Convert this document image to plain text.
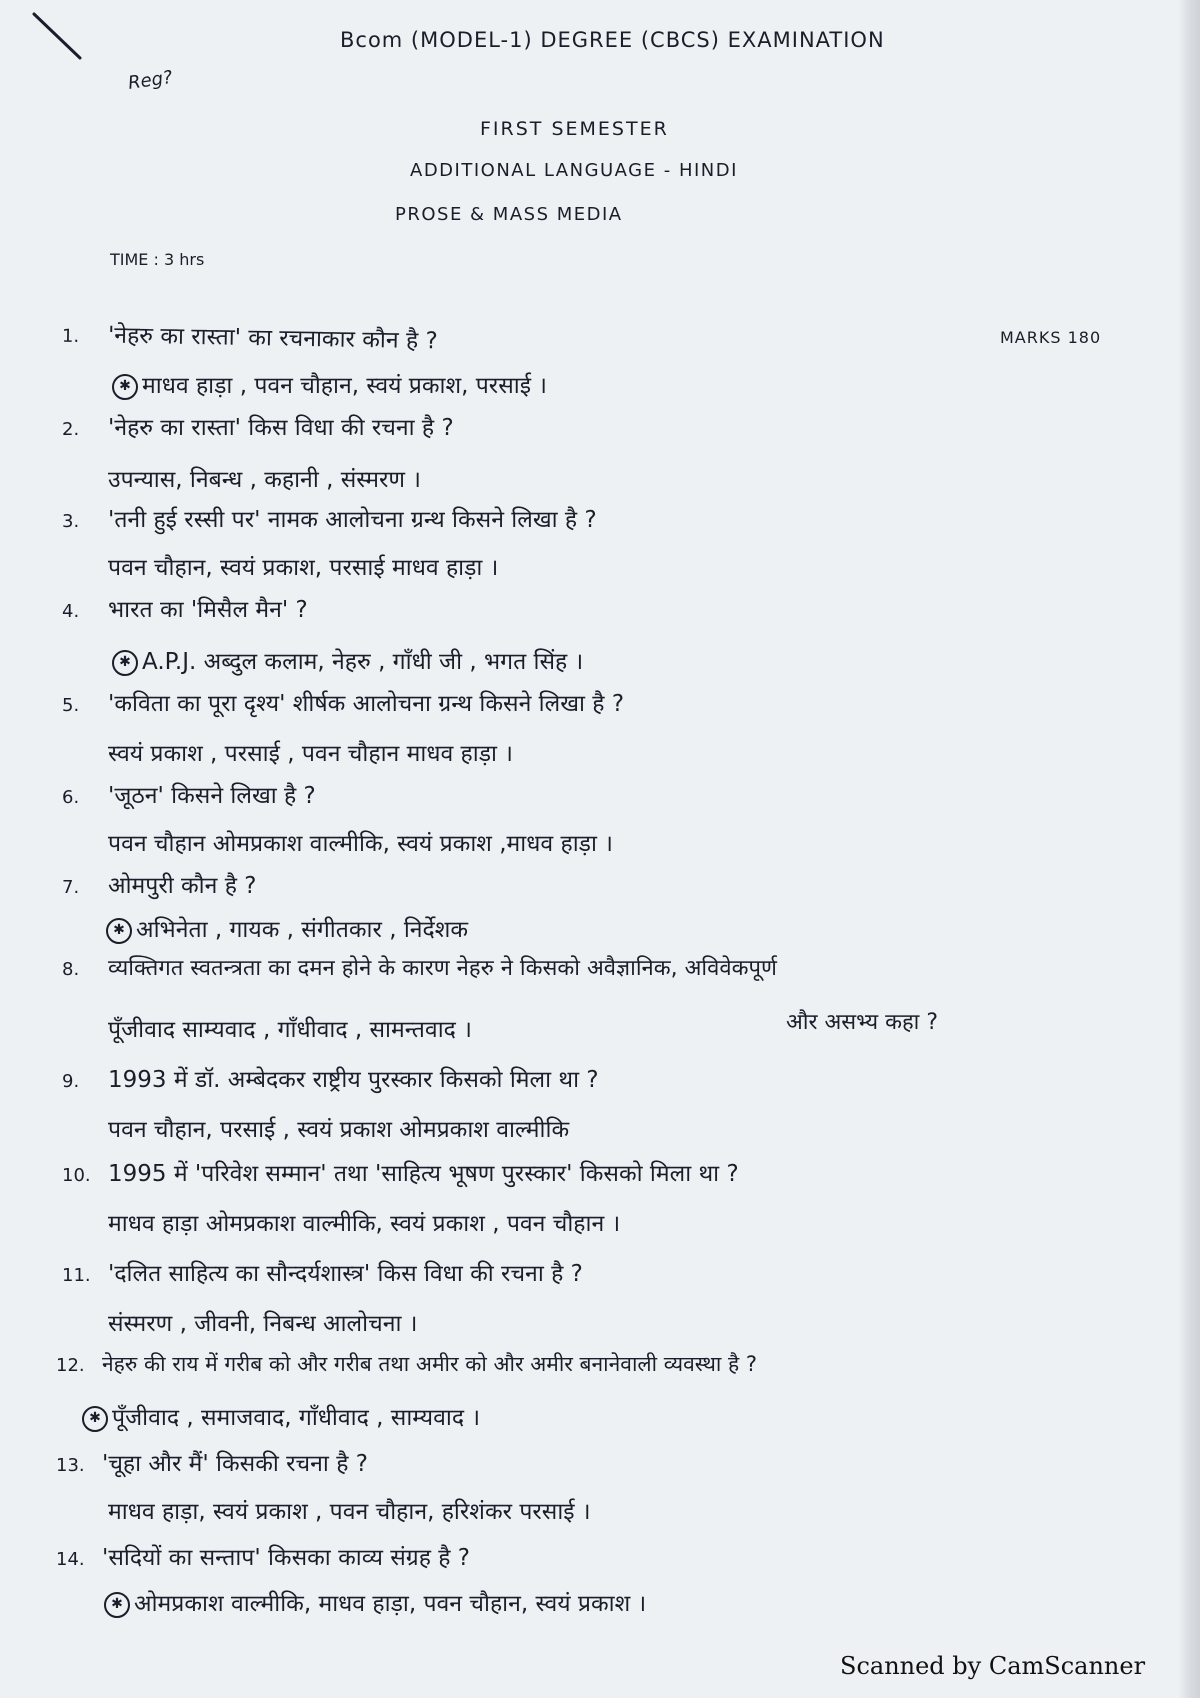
Bcom (MODEL-1) DEGREE (CBCS) EXAMINATION
Reg?
FIRST SEMESTER
ADDITIONAL LANGUAGE - HINDI
PROSE & MASS MEDIA
TIME : 3 hrs
MARKS 180
1. 'नेहरु का रास्ता' का रचनाकार कौन है ?
✱ माधव हाड़ा , पवन चौहान, स्वयं प्रकाश, परसाई ।
2. 'नेहरु का रास्ता' किस विधा की रचना है ?
उपन्यास, निबन्ध , कहानी , संस्मरण ।
3. 'तनी हुई रस्सी पर' नामक आलोचना ग्रन्थ किसने लिखा है ?
पवन चौहान, स्वयं प्रकाश, परसाई माधव हाड़ा ।
4. भारत का 'मिसैल मैन' ?
✱ A.P.J. अब्दुल कलाम, नेहरु , गाँधी जी , भगत सिंह ।
5. 'कविता का पूरा दृश्य' शीर्षक आलोचना ग्रन्थ किसने लिखा है ?
स्वयं प्रकाश , परसाई , पवन चौहान माधव हाड़ा ।
6. 'जूठन' किसने लिखा है ?
पवन चौहान ओमप्रकाश वाल्मीकि, स्वयं प्रकाश ,माधव हाड़ा ।
7. ओमपुरी कौन है ?
✱ अभिनेता , गायक , संगीतकार , निर्देशक
8. व्यक्तिगत स्वतन्त्रता का दमन होने के कारण नेहरु ने किसको अवैज्ञानिक, अविवेकपूर्ण
और असभ्य कहा ?
पूँजीवाद साम्यवाद , गाँधीवाद , सामन्तवाद ।
9. 1993 में डॉ. अम्बेदकर राष्ट्रीय पुरस्कार किसको मिला था ?
पवन चौहान, परसाई , स्वयं प्रकाश ओमप्रकाश वाल्मीकि
10. 1995 में 'परिवेश सम्मान' तथा 'साहित्य भूषण पुरस्कार' किसको मिला था ?
माधव हाड़ा ओमप्रकाश वाल्मीकि, स्वयं प्रकाश , पवन चौहान ।
11. 'दलित साहित्य का सौन्दर्यशास्त्र' किस विधा की रचना है ?
संस्मरण , जीवनी, निबन्ध आलोचना ।
12. नेहरु की राय में गरीब को और गरीब तथा अमीर को और अमीर बनानेवाली व्यवस्था है ?
✱ पूँजीवाद , समाजवाद, गाँधीवाद , साम्यवाद ।
13. 'चूहा और मैं' किसकी रचना है ?
माधव हाड़ा, स्वयं प्रकाश , पवन चौहान, हरिशंकर परसाई ।
14. 'सदियों का सन्ताप' किसका काव्य संग्रह है ?
✱ ओमप्रकाश वाल्मीकि, माधव हाड़ा, पवन चौहान, स्वयं प्रकाश ।
Scanned by CamScanner
